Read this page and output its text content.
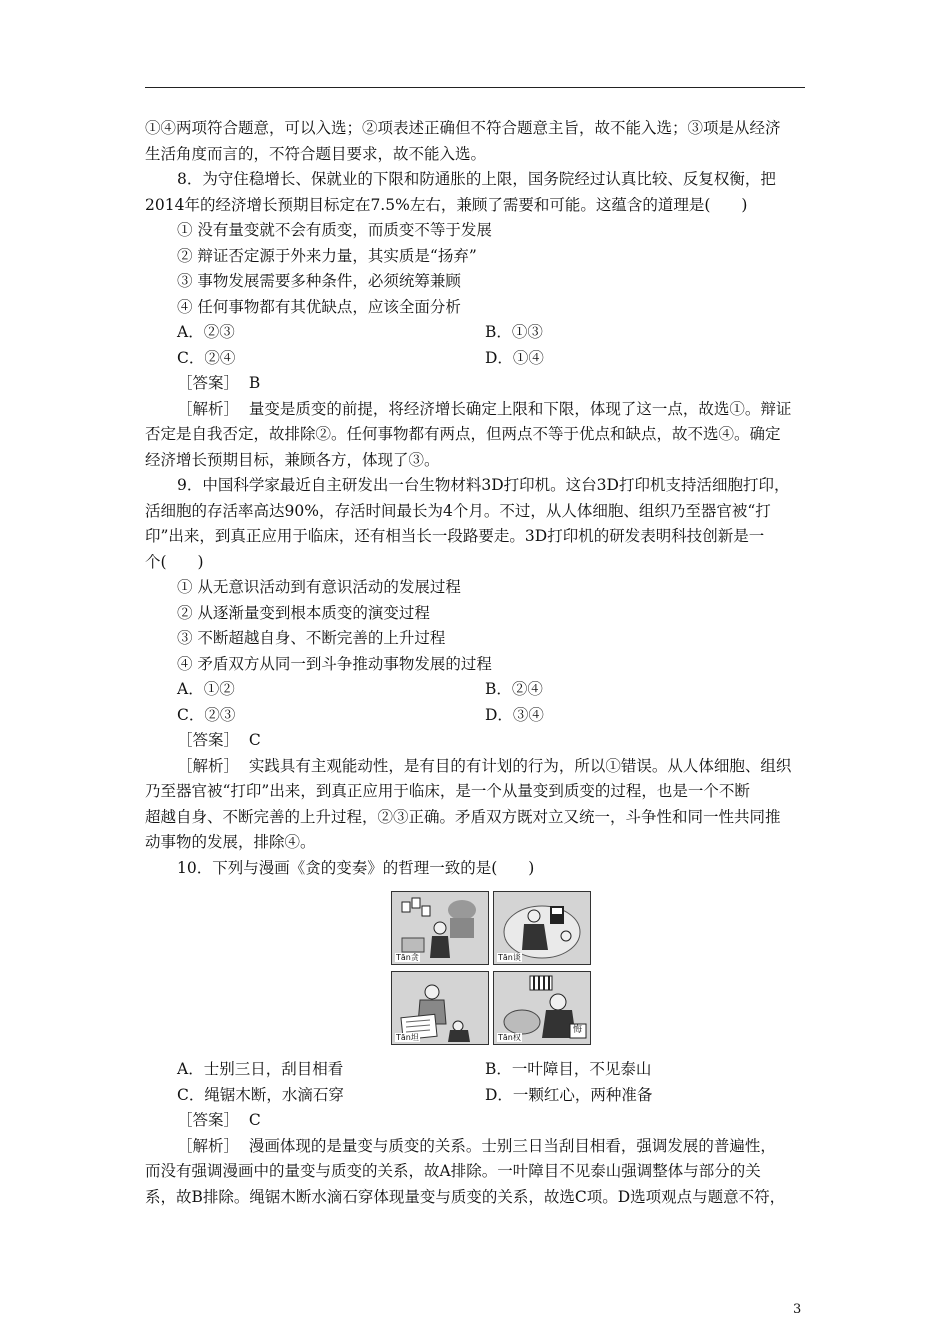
①④两项符合题意，可以入选；②项表述正确但不符合题意主旨，故不能入选；③项是从经济
生活角度而言的，不符合题目要求，故不能入选。
8．为守住稳增长、保就业的下限和防通胀的上限，国务院经过认真比较、反复权衡，把
2014年的经济增长预期目标定在7.5%左右，兼顾了需要和可能。这蕴含的道理是(　　)
① 没有量变就不会有质变，而质变不等于发展
② 辩证否定源于外来力量，其实质是“扬弃”
③ 事物发展需要多种条件，必须统筹兼顾
④ 任何事物都有其优缺点，应该全面分析
A．②③	B．①③
C．②④	D．①④
［答案］ B
［解析］ 量变是质变的前提，将经济增长确定上限和下限，体现了这一点，故选①。辩证
否定是自我否定，故排除②。任何事物都有两点，但两点不等于优点和缺点，故不选④。确定
经济增长预期目标，兼顾各方，体现了③。
9．中国科学家最近自主研发出一台生物材料3D打印机。这台3D打印机支持活细胞打印，
活细胞的存活率高达90%，存活时间最长为4个月。不过，从人体细胞、组织乃至器官被“打
印”出来，到真正应用于临床，还有相当长一段路要走。3D打印机的研发表明科技创新是一
个(　　)
① 从无意识活动到有意识活动的发展过程
② 从逐渐量变到根本质变的演变过程
③ 不断超越自身、不断完善的上升过程
④ 矛盾双方从同一到斗争推动事物发展的过程
A．①②	B．②④
C．②③	D．③④
［答案］ C
［解析］ 实践具有主观能动性，是有目的有计划的行为，所以①错误。从人体细胞、组织
乃至器官被“打印”出来，到真正应用于临床，是一个从量变到质变的过程，也是一个不断
超越自身、不断完善的上升过程，②③正确。矛盾双方既对立又统一，斗争性和同一性共同推
动事物的发展，排除④。
10．下列与漫画《贪的变奏》的哲理一致的是(　　)
Tān贪	Tān谈
Tān坦	Tān权
悔
A．士别三日，刮目相看	B．一叶障目，不见泰山
C．绳锯木断，水滴石穿	D．一颗红心，两种准备
［答案］ C
［解析］ 漫画体现的是量变与质变的关系。士别三日当刮目相看，强调发展的普遍性，
而没有强调漫画中的量变与质变的关系，故A排除。一叶障目不见泰山强调整体与部分的关
系，故B排除。绳锯木断水滴石穿体现量变与质变的关系，故选C项。D选项观点与题意不符，
3
